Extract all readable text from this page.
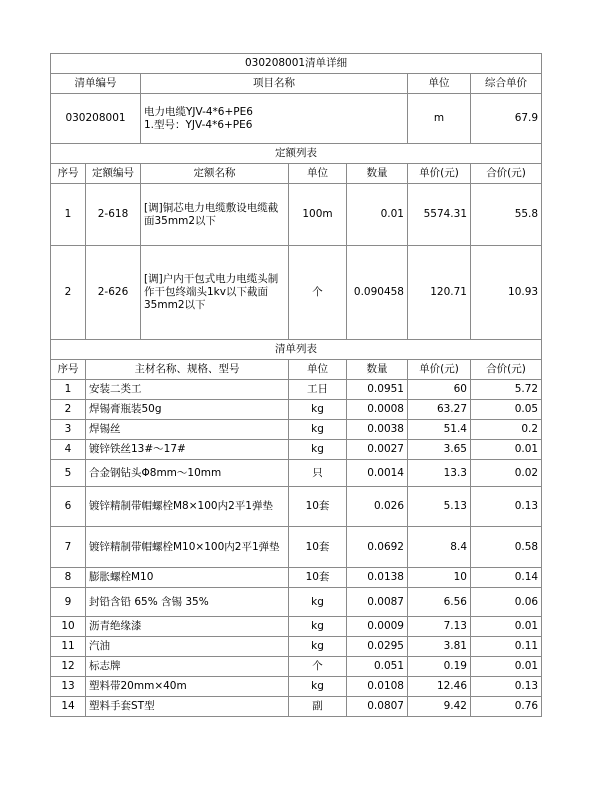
030208001清单详细						
清单编号		项目名称			单位	综合单价
030208001		电力电缆YJV-4*6+PE6
1.型号：YJV-4*6+PE6			m	67.9
定额列表						
序号	定额编号	定额名称	单位	数量	单价(元)	合价(元)
1	2-618	[调]铜芯电力电缆敷设电缆截面35mm2以下	100m	0.01	5574.31	55.8
2	2-626	[调]户内干包式电力电缆头制作干包终端头1kv以下截面35mm2以下	个	0.090458	120.71	10.93
清单列表						
序号	主材名称、规格、型号		单位	数量	单价(元)	合价(元)
1	安装二类工		工日	0.0951	60	5.72
2	焊锡膏瓶装50g		kg	0.0008	63.27	0.05
3	焊锡丝		kg	0.0038	51.4	0.2
4	镀锌铁丝13#～17#		kg	0.0027	3.65	0.01
5	合金钢钻头Φ8mm～10mm		只	0.0014	13.3	0.02
6	镀锌精制带帽螺栓M8×100内2平1弹垫		10套	0.026	5.13	0.13
7	镀锌精制带帽螺栓M10×100内2平1弹垫		10套	0.0692	8.4	0.58
8	膨胀螺栓M10		10套	0.0138	10	0.14
9	封铅含铅 65% 含锡 35%		kg	0.0087	6.56	0.06
10	沥青绝缘漆		kg	0.0009	7.13	0.01
11	汽油		kg	0.0295	3.81	0.11
12	标志牌		个	0.051	0.19	0.01
13	塑料带20mm×40m		kg	0.0108	12.46	0.13
14	塑料手套ST型		副	0.0807	9.42	0.76
